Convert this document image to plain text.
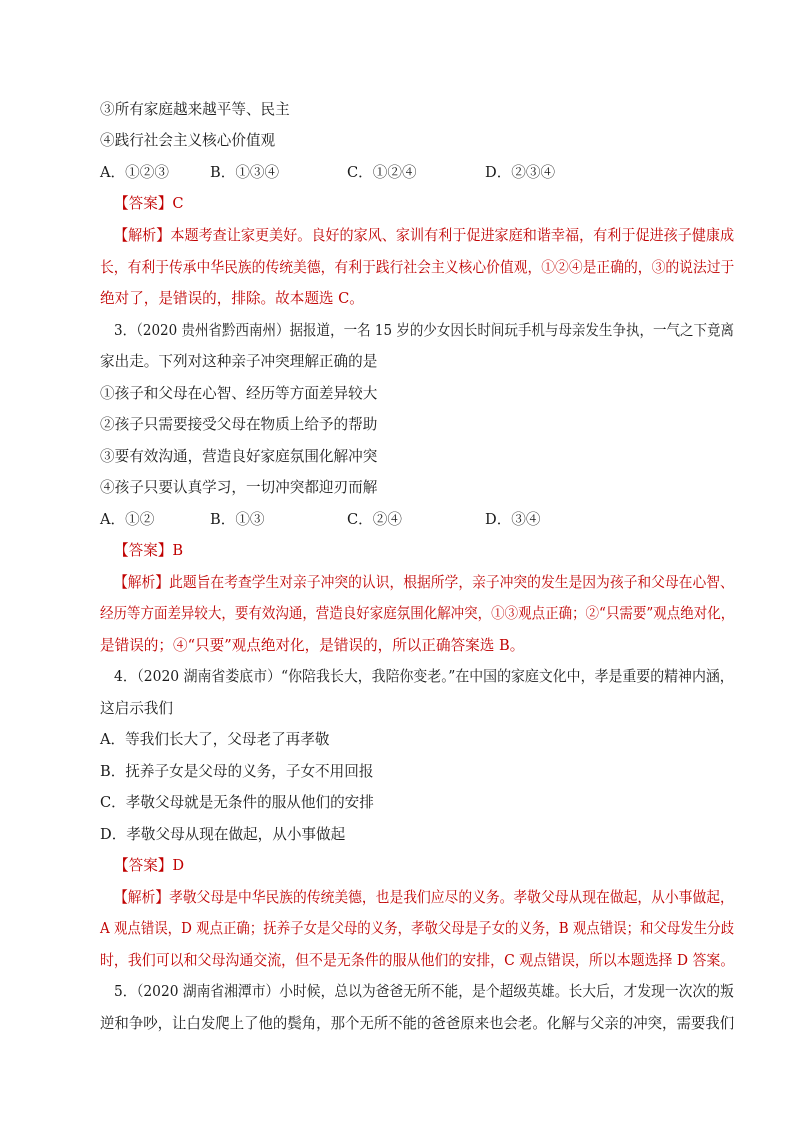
③所有家庭越来越平等、民主
④践行社会主义核心价值观
A．①②③	B．①③④	C．①②④	D．②③④
【答案】C
【解析】本题考查让家更美好。良好的家风、家训有利于促进家庭和谐幸福，有利于促进孩子健康成
长，有利于传承中华民族的传统美德，有利于践行社会主义核心价值观，①②④是正确的，③的说法过于
绝对了，是错误的，排除。故本题选 C。
3．（2020 贵州省黔西南州）据报道，一名 15 岁的少女因长时间玩手机与母亲发生争执，一气之下竟离
家出走。下列对这种亲子冲突理解正确的是
①孩子和父母在心智、经历等方面差异较大
②孩子只需要接受父母在物质上给予的帮助
③要有效沟通，营造良好家庭氛围化解冲突
④孩子只要认真学习，一切冲突都迎刃而解
A．①②	B．①③	C．②④	D．③④
【答案】B
【解析】此题旨在考查学生对亲子冲突的认识，根据所学，亲子冲突的发生是因为孩子和父母在心智、
经历等方面差异较大，要有效沟通，营造良好家庭氛围化解冲突，①③观点正确；②“只需要”观点绝对化，
是错误的；④“只要”观点绝对化，是错误的，所以正确答案选 B。
4．（2020 湖南省娄底市）“你陪我长大，我陪你变老。”在中国的家庭文化中，孝是重要的精神内涵，
这启示我们
A．等我们长大了，父母老了再孝敬
B．抚养子女是父母的义务，子女不用回报
C．孝敬父母就是无条件的服从他们的安排
D．孝敬父母从现在做起，从小事做起
【答案】D
【解析】孝敬父母是中华民族的传统美德，也是我们应尽的义务。孝敬父母从现在做起，从小事做起，
A 观点错误，D 观点正确；抚养子女是父母的义务，孝敬父母是子女的义务，B 观点错误；和父母发生分歧
时，我们可以和父母沟通交流，但不是无条件的服从他们的安排，C 观点错误，所以本题选择 D 答案。
5．（2020 湖南省湘潭市）小时候，总以为爸爸无所不能，是个超级英雄。长大后，才发现一次次的叛
逆和争吵，让白发爬上了他的鬓角，那个无所不能的爸爸原来也会老。化解与父亲的冲突，需要我们
